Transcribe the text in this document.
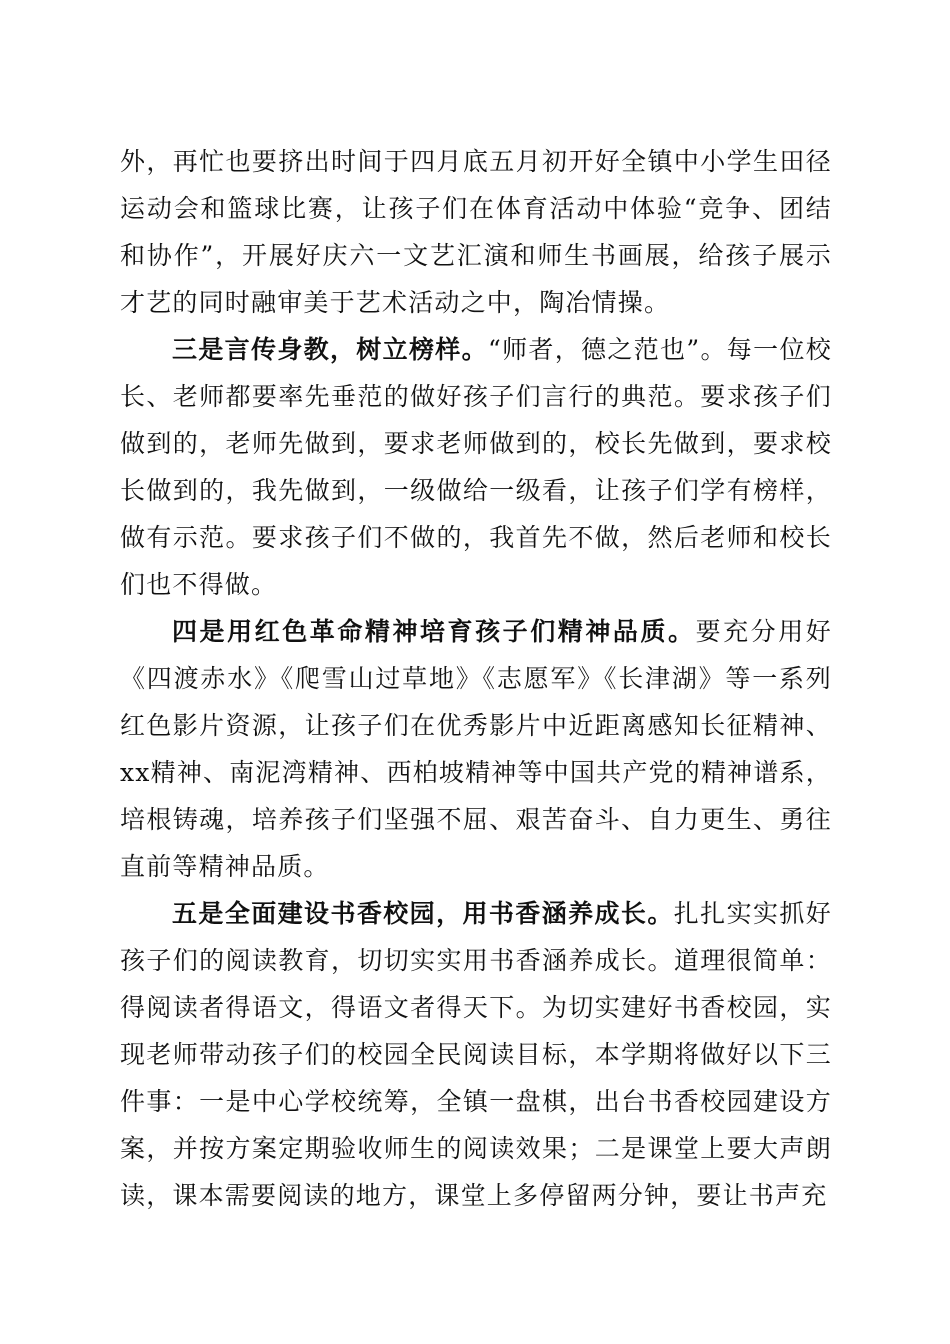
外，再忙也要挤出时间于四月底五月初开好全镇中小学生田径运动会和篮球比赛，让孩子们在体育活动中体验“竞争、团结和协作”，开展好庆六一文艺汇演和师生书画展，给孩子展示才艺的同时融审美于艺术活动之中，陶冶情操。

三是言传身教，树立榜样。“师者，德之范也”。每一位校长、老师都要率先垂范的做好孩子们言行的典范。要求孩子们做到的，老师先做到，要求老师做到的，校长先做到，要求校长做到的，我先做到，一级做给一级看，让孩子们学有榜样，做有示范。要求孩子们不做的，我首先不做，然后老师和校长们也不得做。

四是用红色革命精神培育孩子们精神品质。要充分用好《四渡赤水》《爬雪山过草地》《志愿军》《长津湖》等一系列红色影片资源，让孩子们在优秀影片中近距离感知长征精神、xx精神、南泥湾精神、西柏坡精神等中国共产党的精神谱系，培根铸魂，培养孩子们坚强不屈、艰苦奋斗、自力更生、勇往直前等精神品质。

五是全面建设书香校园，用书香涵养成长。扎扎实实抓好孩子们的阅读教育，切切实实用书香涵养成长。道理很简单：得阅读者得语文，得语文者得天下。为切实建好书香校园，实现老师带动孩子们的校园全民阅读目标，本学期将做好以下三件事：一是中心学校统筹，全镇一盘棋，出台书香校园建设方案，并按方案定期验收师生的阅读效果；二是课堂上要大声朗读，课本需要阅读的地方，课堂上多停留两分钟，要让书声充
